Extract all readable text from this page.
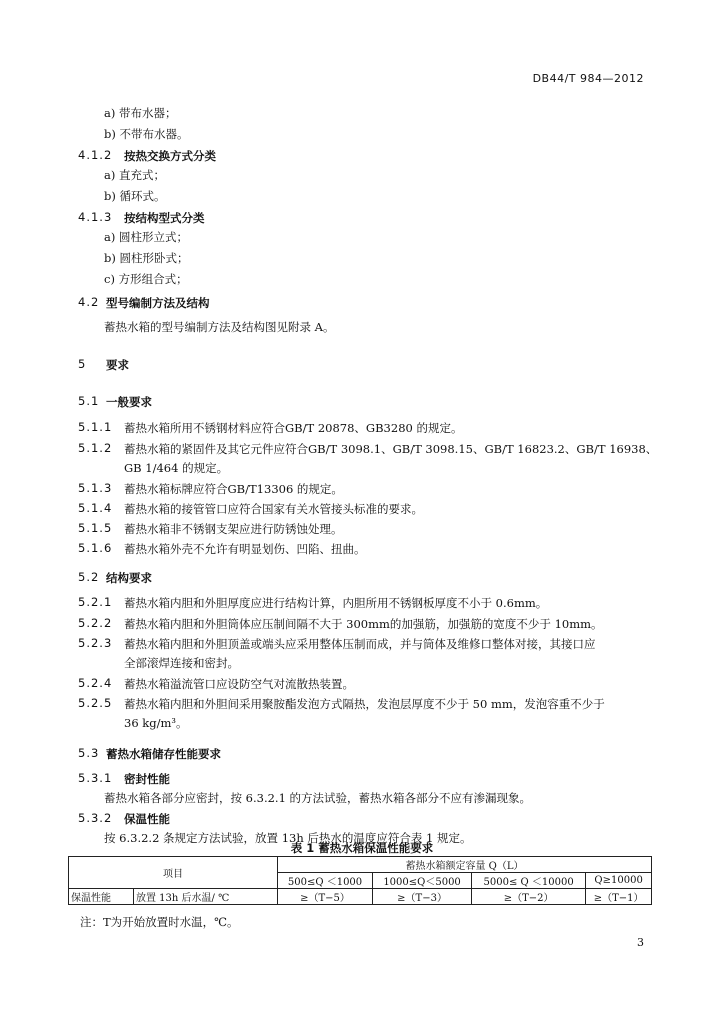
DB44/T 984—2012
a) 带布水器；
b) 不带布水器。
4.1.2 按热交换方式分类
a) 直充式；
b) 循环式。
4.1.3 按结构型式分类
a) 圆柱形立式；
b) 圆柱形卧式；
c) 方形组合式；
4.2 型号编制方法及结构
蓄热水箱的型号编制方法及结构图见附录 A。
5 要求
5.1 一般要求
5.1.1 蓄热水箱所用不锈钢材料应符合GB/T 20878、GB3280 的规定。
5.1.2 蓄热水箱的紧固件及其它元件应符合GB/T 3098.1、GB/T 3098.15、GB/T 16823.2、GB/T 16938、
GB 1/464 的规定。
5.1.3 蓄热水箱标牌应符合GB/T13306 的规定。
5.1.4 蓄热水箱的接管管口应符合国家有关水管接头标准的要求。
5.1.5 蓄热水箱非不锈钢支架应进行防锈蚀处理。
5.1.6 蓄热水箱外壳不允许有明显划伤、凹陷、扭曲。
5.2 结构要求
5.2.1 蓄热水箱内胆和外胆厚度应进行结构计算，内胆所用不锈钢板厚度不小于 0.6mm。
5.2.2 蓄热水箱内胆和外胆筒体应压制间隔不大于 300mm的加强筋，加强筋的宽度不少于 10mm。
5.2.3 蓄热水箱内胆和外胆顶盖或端头应采用整体压制而成，并与筒体及维修口整体对接，其接口应
全部滚焊连接和密封。
5.2.4 蓄热水箱溢流管口应设防空气对流散热装置。
5.2.5 蓄热水箱内胆和外胆间采用聚胺酯发泡方式隔热，发泡层厚度不少于 50 mm，发泡容重不少于
36 kg/m³。
5.3 蓄热水箱储存性能要求
5.3.1 密封性能
蓄热水箱各部分应密封，按 6.3.2.1 的方法试验，蓄热水箱各部分不应有渗漏现象。
5.3.2 保温性能
按 6.3.2.2 条规定方法试验，放置 13h 后热水的温度应符合表 1 规定。
表 1 蓄热水箱保温性能要求
项目		蓄热水箱额定容量 Q（L）			
		500≤Q ＜1000	1000≤Q＜5000	5000≤ Q ＜10000	Q≥10000
保温性能	放置 13h 后水温/ ℃	≥（T−5）	≥（T−3）	≥（T−2）	≥（T−1）
注：T为开始放置时水温，℃。
3
